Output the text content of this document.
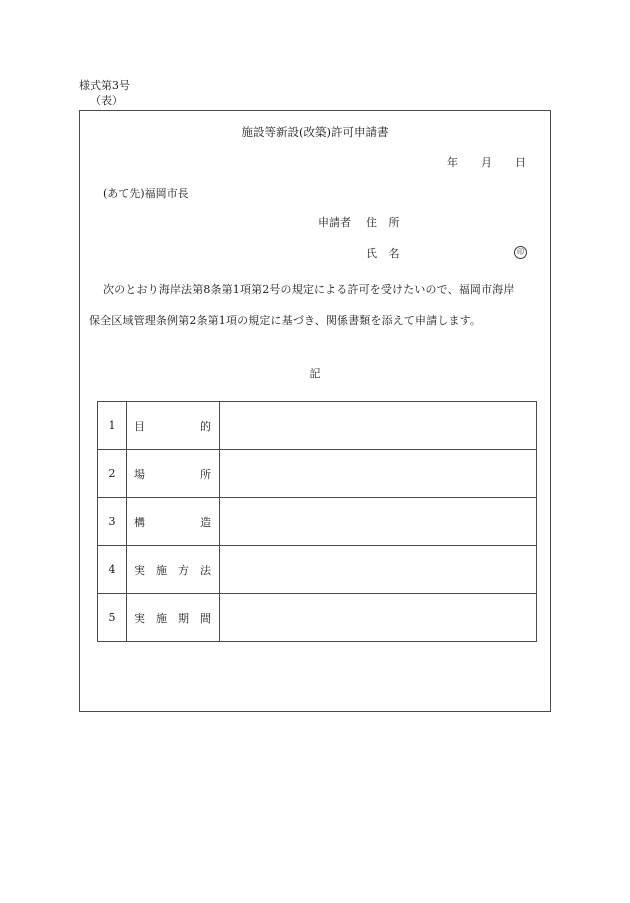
様式第3号
（表）
施設等新設(改築)許可申請書
年 月 日
(あて先)福岡市長
申請者 住 所
氏 名	印
次のとおり海岸法第8条第1項第2号の規定による許可を受けたいので、福岡市海岸
保全区域管理条例第2条第1項の規定に基づき、関係書類を添えて申請します。
記
1	目 的	

2	場 所	

3	構 造	

4	実 施 方 法	

5	実 施 期 間	
